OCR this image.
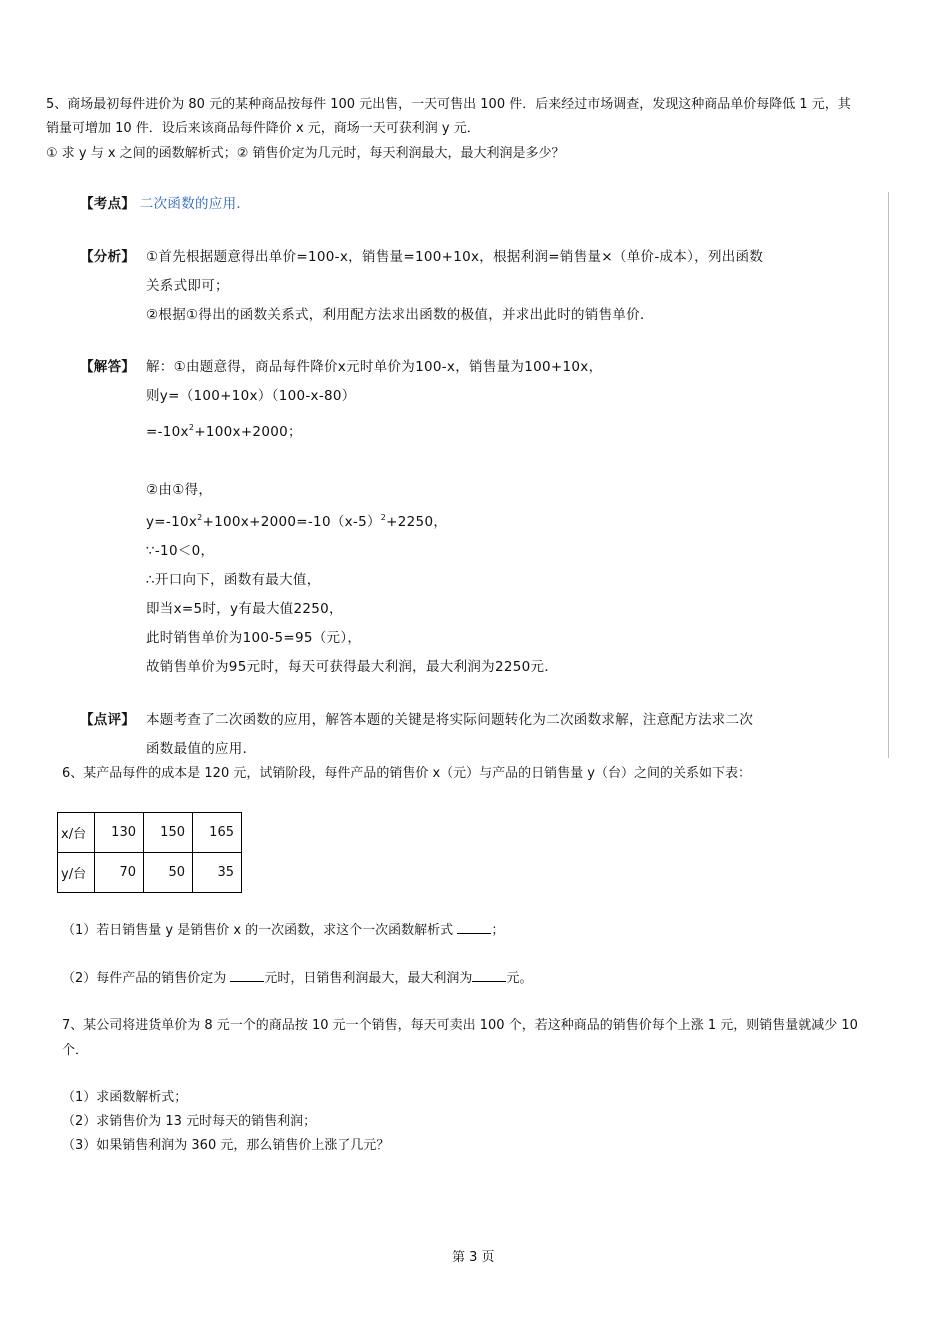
5、商场最初每件进价为 80 元的某种商品按每件 100 元出售，一天可售出 100 件．后来经过市场调查，发现这种商品单价每降低 1 元，其
销量可增加 10 件．设后来该商品每件降价 x 元，商场一天可获利润 y 元．
① 求 y 与 x 之间的函数解析式；② 销售价定为几元时，每天利润最大，最大利润是多少？
【考点】 二次函数的应用．
【分析】 ①首先根据题意得出单价=100-x，销售量=100+10x，根据利润=销售量×（单价-成本），列出函数
关系式即可；
②根据①得出的函数关系式，利用配方法求出函数的极值，并求出此时的销售单价．
【解答】 解：①由题意得，商品每件降价x元时单价为100-x，销售量为100+10x，
则y=（100+10x）（100-x-80）
$=-10x^2+100x+2000$；
②由①得，
$y=-10x^2+100x+2000=-10(x-5)^2+2250$，
∵-10＜0，
∴开口向下，函数有最大值，
即当x=5时，y有最大值2250，
此时销售单价为100-5=95（元），
故销售单价为95元时，每天可获得最大利润，最大利润为2250元．
【点评】 本题考查了二次函数的应用，解答本题的关键是将实际问题转化为二次函数求解，注意配方法求二次
函数最值的应用．
6、某产品每件的成本是 120 元，试销阶段，每件产品的销售价 x（元）与产品的日销售量 y（台）之间的关系如下表：
x/台	130	150	165
y/台	70	50	35
（1）若日销售量 y 是销售价 x 的一次函数，求这个一次函数解析式	；
（2）每件产品的销售价定为	元时，日销售利润最大，最大利润为	元。
7、某公司将进货单价为 8 元一个的商品按 10 元一个销售，每天可卖出 100 个，若这种商品的销售价每个上涨 1 元，则销售量就减少 10
个．
（1）求函数解析式；
（2）求销售价为 13 元时每天的销售利润；
（3）如果销售利润为 360 元，那么销售价上涨了几元？
第 3 页
